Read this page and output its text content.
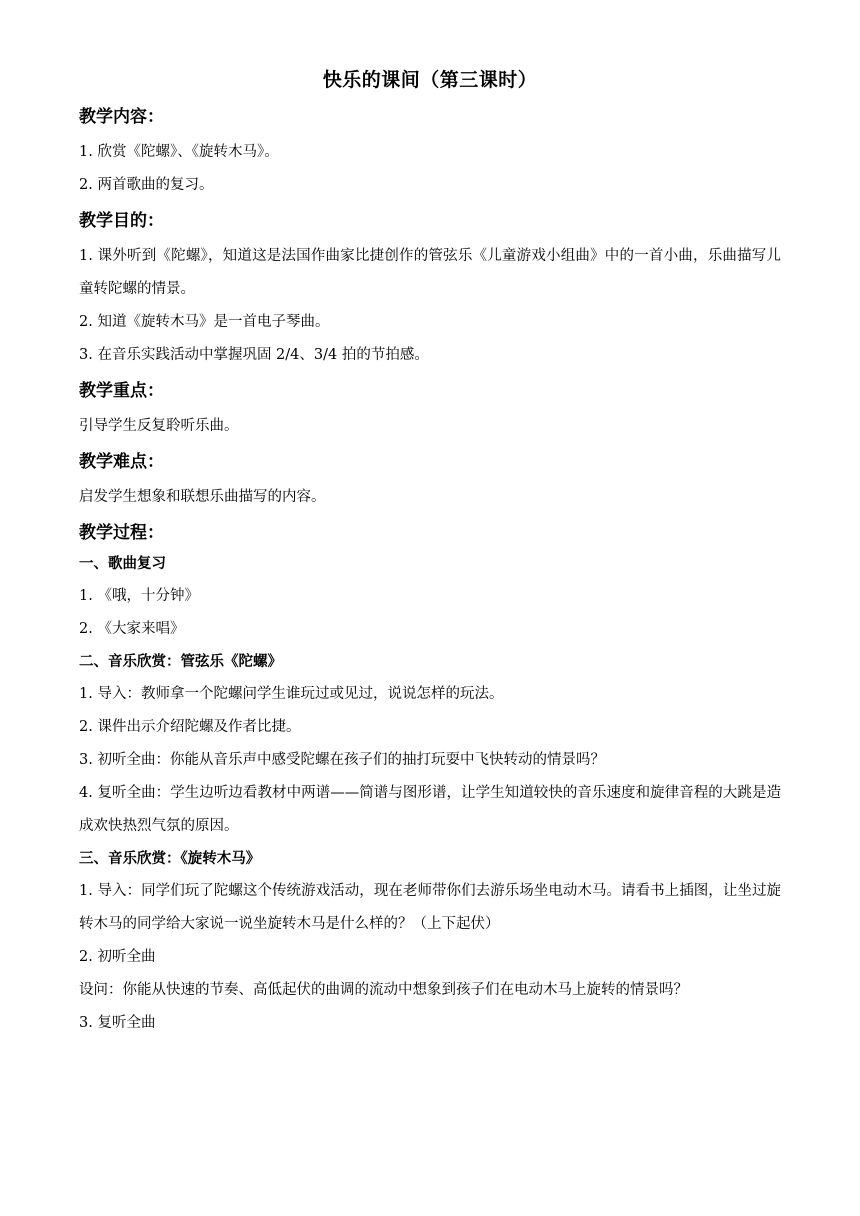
快乐的课间（第三课时）
教学内容：

1. 欣赏《陀螺》、《旋转木马》。

2. 两首歌曲的复习。

教学目的：

1. 课外听到《陀螺》，知道这是法国作曲家比捷创作的管弦乐《儿童游戏小组曲》中的一首小曲，乐曲描写儿童转陀螺的情景。

2. 知道《旋转木马》是一首电子琴曲。

3. 在音乐实践活动中掌握巩固 2/4、3/4 拍的节拍感。

教学重点：

引导学生反复聆听乐曲。

教学难点：

启发学生想象和联想乐曲描写的内容。

教学过程：
一、歌曲复习

1. 《哦，十分钟》

2. 《大家来唱》

二、音乐欣赏：管弦乐《陀螺》

1. 导入：教师拿一个陀螺问学生谁玩过或见过，说说怎样的玩法。

2. 课件出示介绍陀螺及作者比捷。

3. 初听全曲：你能从音乐声中感受陀螺在孩子们的抽打玩耍中飞快转动的情景吗？

4. 复听全曲：学生边听边看教材中两谱——简谱与图形谱，让学生知道较快的音乐速度和旋律音程的大跳是造成欢快热烈气氛的原因。

三、音乐欣赏：《旋转木马》

1. 导入：同学们玩了陀螺这个传统游戏活动，现在老师带你们去游乐场坐电动木马。请看书上插图，让坐过旋转木马的同学给大家说一说坐旋转木马是什么样的？（上下起伏）

2. 初听全曲

设问：你能从快速的节奏、高低起伏的曲调的流动中想象到孩子们在电动木马上旋转的情景吗？

3. 复听全曲
